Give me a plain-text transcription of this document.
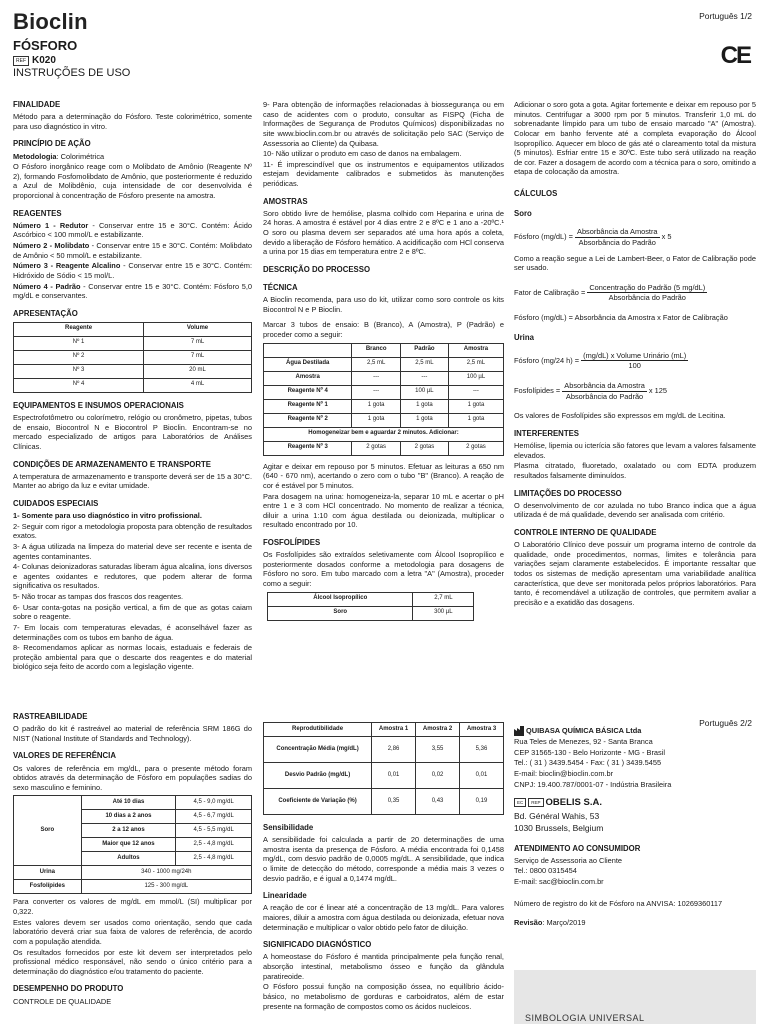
Bioclin	Português 1/2
FÓSFORO
REF K020
INSTRUÇÕES DE USO
CE
FINALIDADE

Método para a determinação do Fósforo. Teste colorimétrico, somente para uso diagnóstico in vitro.

PRINCÍPIO DE AÇÃO

Metodologia: Colorimétrica

O Fósforo inorgânico reage com o Molibdato de Amônio (Reagente Nº 2), formando Fosfomolibdato de Amônio, que posteriormente é reduzido a Azul de Molibdênio, cuja intensidade de cor desenvolvida é proporcional à concentração de Fósforo presente na amostra.

REAGENTES

Número 1 - Redutor - Conservar entre 15 e 30°C. Contém: Ácido Ascórbico < 100 mmol/L e estabilizante.

Número 2 - Molibdato - Conservar entre 15 e 30°C. Contém: Molibdato de Amônio < 50 mmol/L e estabilizante.

Número 3 - Reagente Alcalino - Conservar entre 15 e 30°C. Contém: Hidróxido de Sódio < 15 mol/L.

Número 4 - Padrão - Conservar entre 15 e 30°C. Contém: Fósforo 5,0 mg/dL e conservantes.

APRESENTAÇÃO
Reagente	Volume
Nº 1	7 mL
Nº 2	7 mL
Nº 3	20 mL
Nº 4	4 mL
EQUIPAMENTOS E INSUMOS OPERACIONAIS

Espectrofotômetro ou colorímetro, relógio ou cronômetro, pipetas, tubos de ensaio, Biocontrol N e Biocontrol P Bioclin. Encontram-se no mercado especializado de artigos para Laboratórios de Análises Clínicas.

CONDIÇÕES DE ARMAZENAMENTO E TRANSPORTE

A temperatura de armazenamento e transporte deverá ser de 15 a 30°C. Manter ao abrigo da luz e evitar umidade.

CUIDADOS ESPECIAIS

1- Somente para uso diagnóstico in vitro profissional.

2- Seguir com rigor a metodologia proposta para obtenção de resultados exatos.

3- A água utilizada na limpeza do material deve ser recente e isenta de agentes contaminantes.

4- Colunas deionizadoras saturadas liberam água alcalina, íons diversos e agentes oxidantes e redutores, que podem alterar de forma significativa os resultados.

5- Não trocar as tampas dos frascos dos reagentes.

6- Usar conta-gotas na posição vertical, a fim de que as gotas caiam sobre o reagente.

7- Em locais com temperaturas elevadas, é aconselhável fazer as determinações com os tubos em banho de água.

8- Recomendamos aplicar as normas locais, estaduais e federais de proteção ambiental para que o descarte dos reagentes e do material biológico seja feito de acordo com a legislação vigente.

9- Para obtenção de informações relacionadas à biossegurança ou em caso de acidentes com o produto, consultar as FISPQ (Ficha de Informações de Segurança de Produtos Químicos) disponibilizadas no site www.bioclin.com.br ou através de solicitação pelo SAC (Serviço de Assessoria ao Cliente) da Quibasa.

10- Não utilizar o produto em caso de danos na embalagem.

11- É imprescindível que os instrumentos e equipamentos utilizados estejam devidamente calibrados e submetidos às manutenções periódicas.

AMOSTRAS

Soro obtido livre de hemólise, plasma colhido com Heparina e urina de 24 horas. A amostra é estável por 4 dias entre 2 e 8ºC e 1 ano a -20ºC.¹ O soro ou plasma devem ser separados até uma hora após a coleta, devido a liberação de Fósforo hemático. A acidificação com HCl conserva a urina por 15 dias em temperatura entre 2 e 8ºC.

DESCRIÇÃO DO PROCESSO
TÉCNICA

A Bioclin recomenda, para uso do kit, utilizar como soro controle os kits Biocontrol N e P Bioclin.

Marcar 3 tubos de ensaio: B (Branco), A (Amostra), P (Padrão) e proceder como a seguir:

	Branco	Padrão	Amostra
Água Destilada	2,5 mL	2,5 mL	2,5 mL
Amostra	---	---	100 µL
Reagente Nº 4	---	100 µL	---
Reagente Nº 1	1 gota	1 gota	1 gota
Reagente Nº 2	1 gota	1 gota	1 gota
Homogeneizar bem e aguardar 2 minutos. Adicionar:			
Reagente Nº 3	2 gotas	2 gotas	2 gotas

Agitar e deixar em repouso por 5 minutos. Efetuar as leituras a 650 nm (640 - 670 nm), acertando o zero com o tubo "B" (Branco). A reação de cor é estável por 5 minutos.

Para dosagem na urina: homogeneiza-la, separar 10 mL e acertar o pH entre 1 e 3 com HCl concentrado. No momento de realizar a técnica, diluir a urina 1:10 com água destilada ou deionizada, multiplicar o resultado encontrado por 10.

FOSFOLÍPIDES

Os Fosfolípides são extraídos seletivamente com Álcool Isopropílico e posteriormente dosados conforme a metodologia para dosagens de Fósforo no soro. Em tubo marcado com a letra "A" (Amostra), proceder como a seguir:

Álcool Isopropílico	2,7 mL
Soro	300 µL

Adicionar o soro gota a gota. Agitar fortemente e deixar em repouso por 5 minutos. Centrifugar a 3000 rpm por 5 minutos. Transferir 1,0 mL do sobrenadante límpido para um tubo de ensaio marcado "A" (Amostra). Colocar em banho fervente até a completa evaporação do Álcool Isopropílico. Aquecer em bloco de gás até o clareamento total da mistura (5 minutos). Esfriar entre 15 e 30ºC. Este tubo será utilizado na reação de cor. Fazer a dosagem de acordo com a técnica para o soro, omitindo a etapa de colocação da amostra.

CÁLCULOS
Soro
Fósforo $(mg/dL) = \frac{\text{Absorbância da Amostra}}{\text{Absorbância do Padrão}}$ x 5

Como a reação segue a Lei de Lambert-Beer, o Fator de Calibração pode ser usado.

Fator de Calibração = $\frac{\text{Concentração do Padrão (5 mg/dL)}}{\text{Absorbância do Padrão}}$

Fósforo (mg/dL) = Absorbância da Amostra x Fator de Calibração

Urina
Fósforo (mg/24 $h) = \frac{\text{(mg/dL) x Volume Urinário (mL)}}{100}$
Fosfolípides = $\frac{\text{Absorbância da Amostra}}{\text{Absorbância do Padrão}}$ x 125

Os valores de Fosfolípides são expressos em mg/dL de Lecitina.

INTERFERENTES

Hemólise, lipemia ou icterícia são fatores que levam a valores falsamente elevados.

Plasma citratado, fluoretado, oxalatado ou com EDTA produzem resultados falsamente diminuídos.

LIMITAÇÕES DO PROCESSO

O desenvolvimento de cor azulada no tubo Branco indica que a água utilizada é de má qualidade, devendo ser analisada com critério.

CONTROLE INTERNO DE QUALIDADE

O Laboratório Clínico deve possuir um programa interno de controle da qualidade, onde procedimentos, normas, limites e tolerância para variações sejam claramente estabelecidos. É importante ressaltar que todos os sistemas de medição apresentam uma variabilidade analítica característica, que deve ser monitorada pelos próprios laboratórios. Para tanto, é recomendável a utilização de controles, que permitem avaliar a precisão e a exatidão das dosagens.

RASTREABILIDADE

O padrão do kit é rastreável ao material de referência SRM 186G do NIST (National Institute of Standards and Technology).

VALORES DE REFERÊNCIA

Os valores de referência em mg/dL, para o presente método foram obtidos através da determinação de Fósforo em populações sadias do sexo masculino e feminino.

Soro	Até 10 dias	4,5 - 9,0 mg/dL
	10 dias a 2 anos	4,5 - 6,7 mg/dL
	2 a 12 anos	4,5 - 5,5 mg/dL
	Maior que 12 anos	2,5 - 4,8 mg/dL
	Adultos	2,5 - 4,8 mg/dL
Urina	340 - 1000 mg/24h	
Fosfolípides	125 - 300 mg/dL	

Para converter os valores de mg/dL em mmol/L (SI) multiplicar por 0,322.

Estes valores devem ser usados como orientação, sendo que cada laboratório deverá criar sua faixa de valores de referência, de acordo com a população atendida.

Os resultados fornecidos por este kit devem ser interpretados pelo profissional médico responsável, não sendo o único critério para a determinação do diagnóstico e/ou tratamento do paciente.

DESEMPENHO DO PRODUTO

CONTROLE DE QUALIDADE

Reprodutibilidade	Amostra 1	Amostra 2	Amostra 3
Concentração Média (mg/dL)	2,86	3,55	5,36
Desvio Padrão (mg/dL)	0,01	0,02	0,01
Coeficiente de Variação (%)	0,35	0,43	0,19
Sensibilidade

A sensibilidade foi calculada a partir de 20 determinações de uma amostra isenta da presença de Fósforo. A média encontrada foi 0,1458 mg/dL, com desvio padrão de 0,0005 mg/dL. A sensibilidade, que indica o limite de detecção do método, corresponde a média mais 3 vezes o desvio padrão, e é igual a 0,1474 mg/dL.

Linearidade

A reação de cor é linear até a concentração de 13 mg/dL. Para valores maiores, diluir a amostra com água destilada ou deionizada, efetuar nova determinação e multiplicar o valor obtido pelo fator de diluição.

SIGNIFICADO DIAGNÓSTICO

A homeostase do Fósforo é mantida principalmente pela função renal, absorção intestinal, metabolismo ósseo e função da glândula paratireoide.

O Fósforo possui função na composição óssea, no equilíbrio ácido-básico, no metabolismo de gorduras e carboidratos, além de estar presente na formação de compostos como os ácidos nucleicos.

Português 2/2

QUIBASA QUÍMICA BÁSICA Ltda

Rua Teles de Menezes, 92 - Santa Branca

CEP 31565-130 - Belo Horizonte - MG - Brasil

Tel.: ( 31 ) 3439.5454 - Fax: ( 31 ) 3439.5455

E-mail: bioclin@bioclin.com.br

CNPJ: 19.400.787/0001-07 - Indústria Brasileira

EC REP OBELIS S.A.

Bd. Général Wahis, 53

1030 Brussels, Belgium

ATENDIMENTO AO CONSUMIDOR

Serviço de Assessoria ao Cliente

Tel.: 0800 0315454

E-mail: sac@bioclin.com.br

Número de registro do kit de Fósforo na ANVISA: 10269360117

Revisão: Março/2019

SIMBOLOGIA UNIVERSAL
